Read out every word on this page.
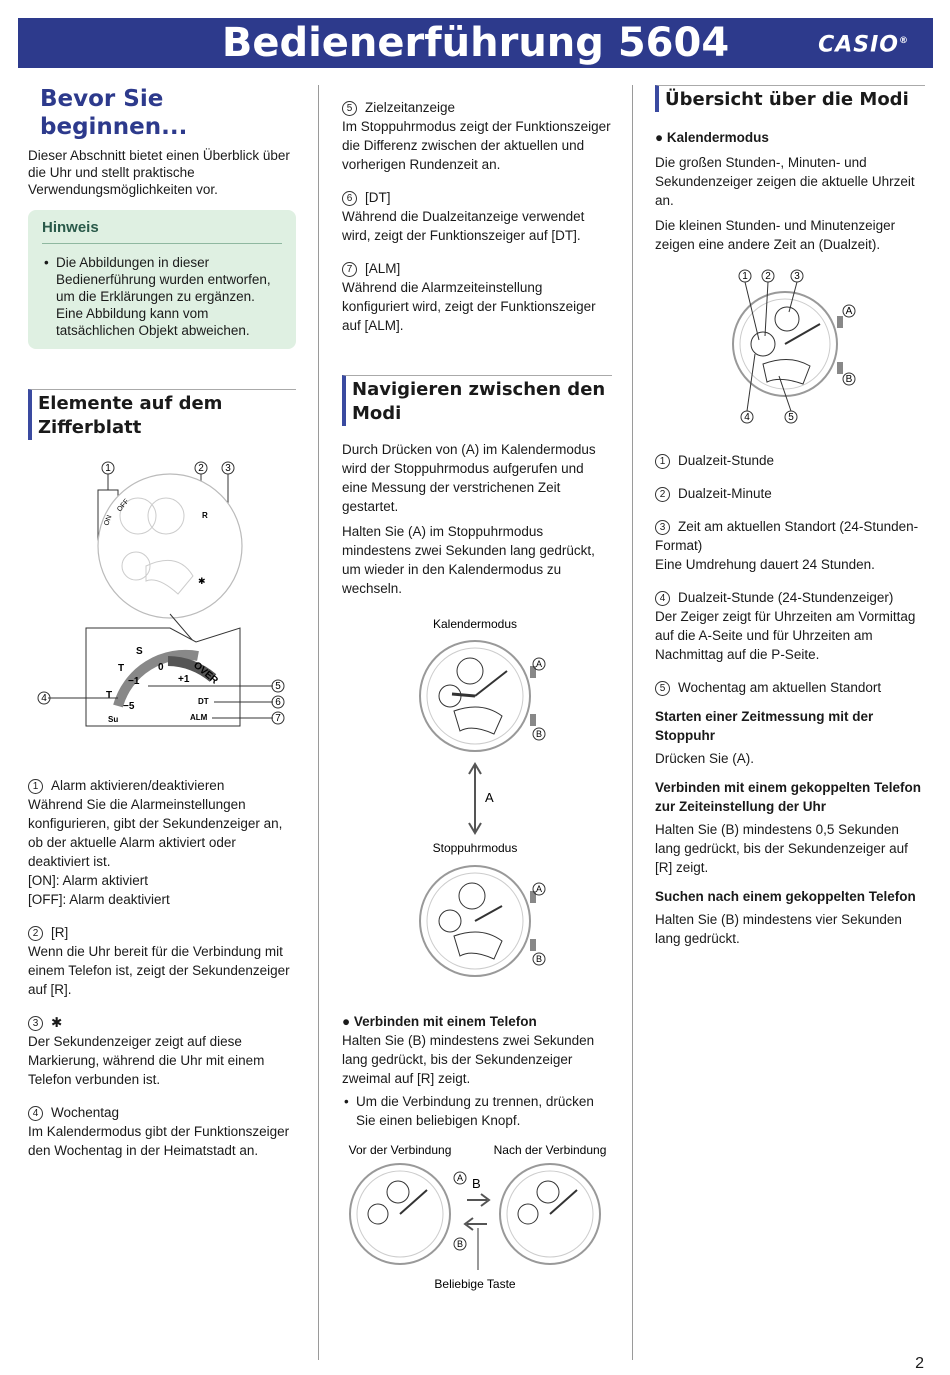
Bedienerführung 5604	CASIO®
Bevor Sie beginnen...

Dieser Abschnitt bietet einen Überblick über die Uhr und stellt praktische Verwendungsmöglichkeiten vor.

Hinweis
• Die Abbildungen in dieser Bedienerführung wurden entworfen, um die Erklärungen zu ergänzen. Eine Abbildung kann vom tatsächlichen Objekt abweichen.
Elemente auf dem Zifferblatt
1	2 3
ON
OFF
R
✱
S
T	0
−1	+1 OVER
T
−5
Su
DT
ALM
5
6
7
4

1 Alarm aktivieren/deaktivieren

Während Sie die Alarmeinstellungen konfigurieren, gibt der Sekundenzeiger an, ob der aktuelle Alarm aktiviert oder deaktiviert ist.

[ON]: Alarm aktiviert

[OFF]: Alarm deaktiviert

2 [R]

Wenn die Uhr bereit für die Verbindung mit einem Telefon ist, zeigt der Sekundenzeiger auf [R].

3 ✱

Der Sekundenzeiger zeigt auf diese Markierung, während die Uhr mit einem Telefon verbunden ist.

4 Wochentag

Im Kalendermodus gibt der Funktionszeiger den Wochentag in der Heimatstadt an.

5 Zielzeitanzeige

Im Stoppuhrmodus zeigt der Funktionszeiger die Differenz zwischen der aktuellen und vorherigen Rundenzeit an.

6 [DT]

Während die Dualzeitanzeige verwendet wird, zeigt der Funktionszeiger auf [DT].

7 [ALM]

Während die Alarmzeiteinstellung konfiguriert wird, zeigt der Funktionszeiger auf [ALM].

Navigieren zwischen den Modi

Durch Drücken von (A) im Kalendermodus wird der Stoppuhrmodus aufgerufen und eine Messung der verstrichenen Zeit gestartet.

Halten Sie (A) im Stoppuhrmodus mindestens zwei Sekunden lang gedrückt, um wieder in den Kalendermodus zu wechseln.

Kalendermodus
A
B
A
Stoppuhrmodus
A
B

● Verbinden mit einem Telefon

Halten Sie (B) mindestens zwei Sekunden lang gedrückt, bis der Sekundenzeiger zweimal auf [R] zeigt.

• Um die Verbindung zu trennen, drücken Sie einen beliebigen Knopf.

Vor der Verbindung	Nach der Verbindung
A
B
B
Beliebige Taste
Übersicht über die Modi

● Kalendermodus

Die großen Stunden-, Minuten- und Sekundenzeiger zeigen die aktuelle Uhrzeit an.

Die kleinen Stunden- und Minutenzeiger zeigen eine andere Zeit an (Dualzeit).

1 2 3
4	5
A
B

1 Dualzeit-Stunde

2 Dualzeit-Minute

3 Zeit am aktuellen Standort (24-Stunden-Format)

Eine Umdrehung dauert 24 Stunden.

4 Dualzeit-Stunde (24-Stundenzeiger)

Der Zeiger zeigt für Uhrzeiten am Vormittag auf die A-Seite und für Uhrzeiten am Nachmittag auf die P-Seite.

5 Wochentag am aktuellen Standort

Starten einer Zeitmessung mit der Stoppuhr

Drücken Sie (A).

Verbinden mit einem gekoppelten Telefon zur Zeiteinstellung der Uhr

Halten Sie (B) mindestens 0,5 Sekunden lang gedrückt, bis der Sekundenzeiger auf [R] zeigt.

Suchen nach einem gekoppelten Telefon

Halten Sie (B) mindestens vier Sekunden lang gedrückt.

2
